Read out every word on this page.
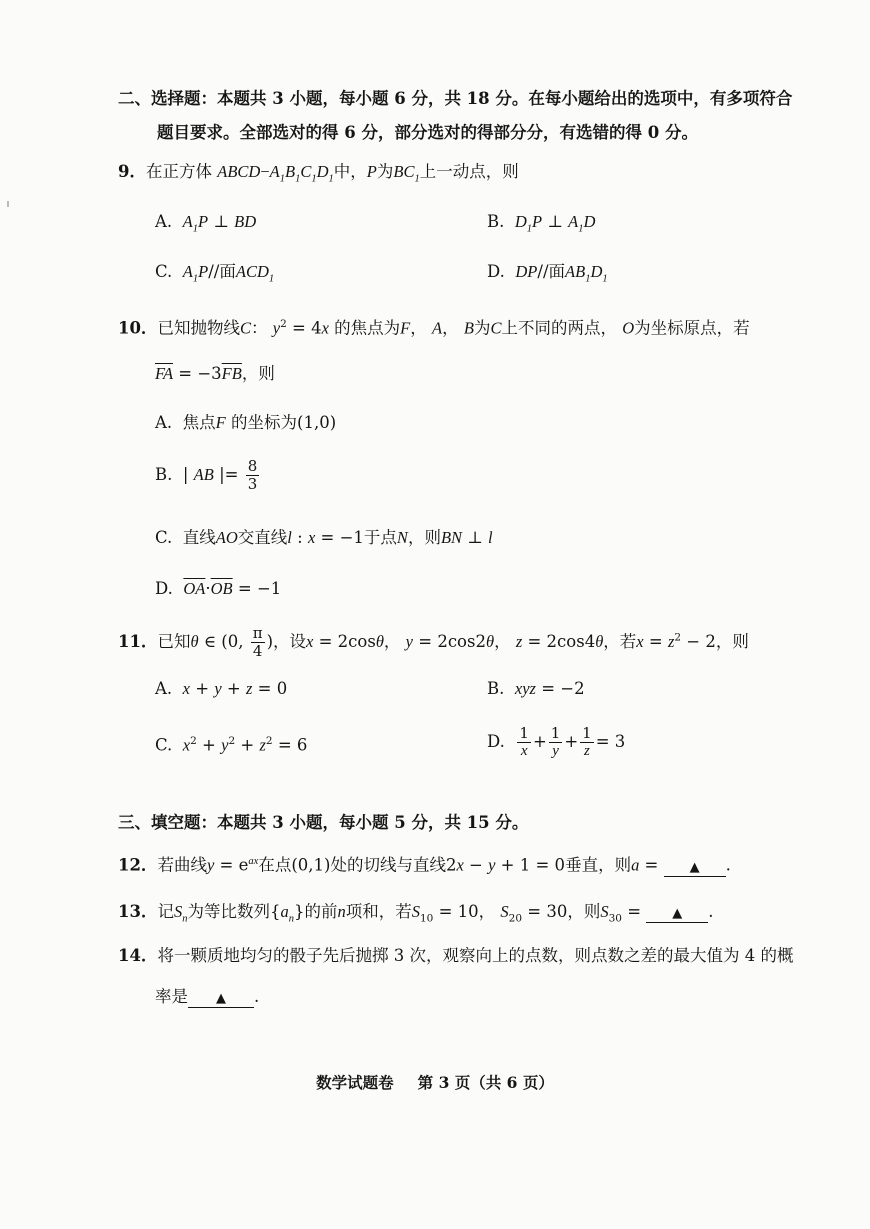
二、选择题：本题共 3 小题，每小题 6 分，共 18 分。在每小题给出的选项中，有多项符合
题目要求。全部选对的得 6 分，部分选对的得部分分，有选错的得 0 分。
9．在正方体 $ABCD-A_1B_1C_1D_1$中，P为$BC_1$上一动点，则
A. $A_1P$ ⊥ BD	B. $D_1P$ ⊥ $A_1D$
C. $A_1P//$面$ACD_1$	D. DP//面$AB_1D_1$
10．已知抛物线C： $y^2 = 4x$ 的焦点为F， A， B为C上不同的两点， O为坐标原点，若
$\overline{FA} = -3\overline{FB}$，则
A. 焦点F 的坐标为(1,0)
B.  | AB |= $\frac{8}{3}$
C. 直线AO交直线l : x = −1于点N，则BN ⊥ l
D. $\overline{OA}\cdot\overline{OB} = -1$
11．已知θ ∈ (0, $\frac{\pi}{4}$ )，设x = 2cosθ， y = 2cos2θ， z = 2cos4θ，若$x = z^2 - 2$，则
A. x + y + z = 0	B. xyz = −2
C. $x^2 + y^2 + z^2 = 6$	D. $\frac{1}{x} + \frac{1}{y} + \frac{1}{z} = 3$
三、填空题：本题共 3 小题，每小题 5 分，共 15 分。
12．若曲线$y = e^{ax}$在点(0,1)处的切线与直线2x − y + 1 = 0垂直，则a = ▲ .
13．记$S_n$为等比数列$\{a_n\}$的前n项和，若$S_{10} = 10$， $S_{20} = 30$，则$S_{30}$ = ▲ .
14．将一颗质地均匀的骰子先后抛掷 3 次，观察向上的点数，则点数之差的最大值为 4 的概
率是 ▲ .
数学试题卷 第 3 页（共 6 页）
